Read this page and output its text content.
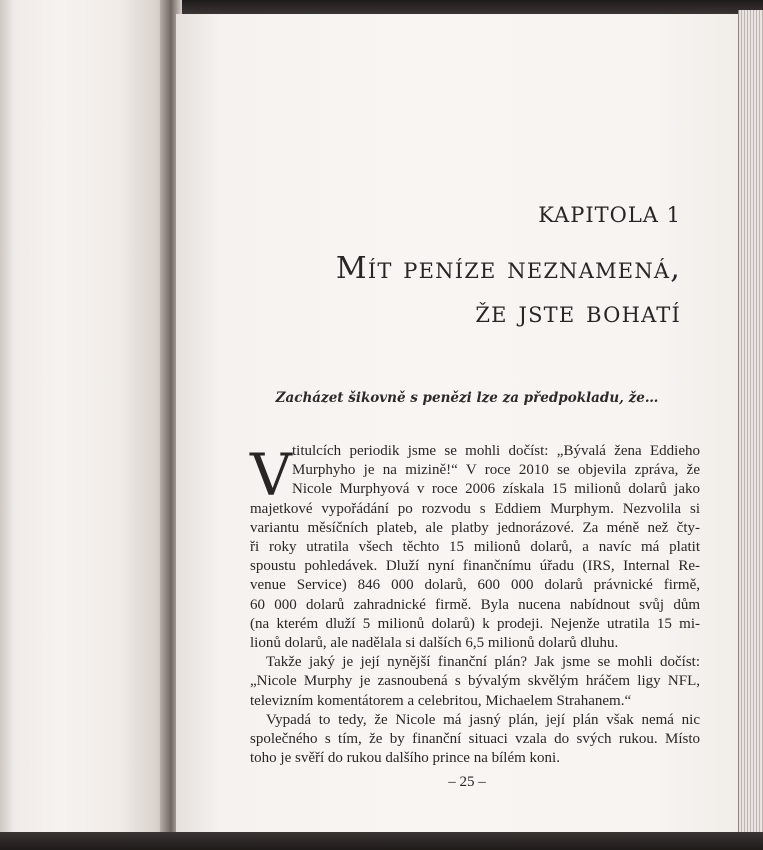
KAPITOLA 1
Mít peníze neznamená,
že jste bohatí
Zacházet šikovně s penězi lze za předpokladu, že…
V titulcích periodik jsme se mohli dočíst: „Bývalá žena Eddieho
Murphyho je na mizině!“ V roce 2010 se objevila zpráva, že
Nicole Murphyová v roce 2006 získala 15 milionů dolarů jako
majetkové vypořádání po rozvodu s Eddiem Murphym. Nezvolila si
variantu měsíčních plateb, ale platby jednorázové. Za méně než čty-
ři roky utratila všech těchto 15 milionů dolarů, a navíc má platit
spoustu pohledávek. Dluží nyní finančnímu úřadu (IRS, Internal Re-
venue Service) 846 000 dolarů, 600 000 dolarů právnické firmě,
60 000 dolarů zahradnické firmě. Byla nucena nabídnout svůj dům
(na kterém dluží 5 milionů dolarů) k prodeji. Nejenže utratila 15 mi-
lionů dolarů, ale nadělala si dalších 6,5 milionů dolarů dluhu.
Takže jaký je její nynější finanční plán? Jak jsme se mohli dočíst:
„Nicole Murphy je zasnoubená s bývalým skvělým hráčem ligy NFL,
televizním komentátorem a celebritou, Michaelem Strahanem.“
Vypadá to tedy, že Nicole má jasný plán, její plán však nemá nic
společného s tím, že by finanční situaci vzala do svých rukou. Místo
toho je svěří do rukou dalšího prince na bílém koni.
– 25 –
